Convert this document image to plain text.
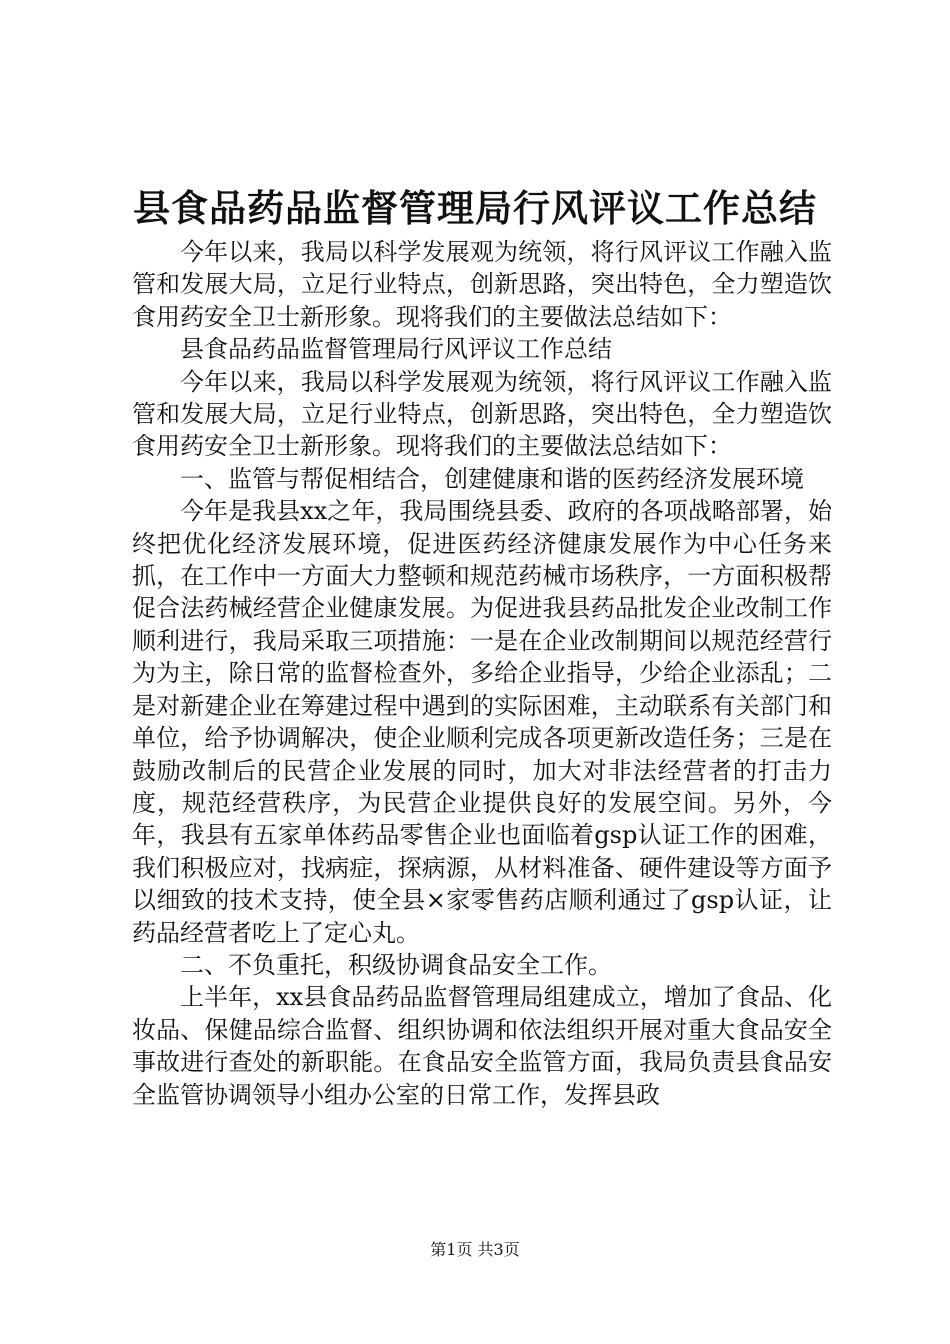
县食品药品监督管理局行风评议工作总结

今年以来，我局以科学发展观为统领，将行风评议工作融入监管和发展大局，立足行业特点，创新思路，突出特色，全力塑造饮食用药安全卫士新形象。现将我们的主要做法总结如下：

县食品药品监督管理局行风评议工作总结

今年以来，我局以科学发展观为统领，将行风评议工作融入监管和发展大局，立足行业特点，创新思路，突出特色，全力塑造饮食用药安全卫士新形象。现将我们的主要做法总结如下：

一、监管与帮促相结合，创建健康和谐的医药经济发展环境

今年是我县xx之年，我局围绕县委、政府的各项战略部署，始终把优化经济发展环境，促进医药经济健康发展作为中心任务来抓，在工作中一方面大力整顿和规范药械市场秩序，一方面积极帮促合法药械经营企业健康发展。为促进我县药品批发企业改制工作顺利进行，我局采取三项措施：一是在企业改制期间以规范经营行为为主，除日常的监督检查外，多给企业指导，少给企业添乱；二是对新建企业在筹建过程中遇到的实际困难，主动联系有关部门和单位，给予协调解决，使企业顺利完成各项更新改造任务；三是在鼓励改制后的民营企业发展的同时，加大对非法经营者的打击力度，规范经营秩序，为民营企业提供良好的发展空间。另外，今年，我县有五家单体药品零售企业也面临着gsp认证工作的困难，我们积极应对，找病症，探病源，从材料准备、硬件建设等方面予以细致的技术支持，使全县×家零售药店顺利通过了gsp认证，让药品经营者吃上了定心丸。

二、不负重托，积级协调食品安全工作。

上半年，xx县食品药品监督管理局组建成立，增加了食品、化妆品、保健品综合监督、组织协调和依法组织开展对重大食品安全事故进行查处的新职能。在食品安全监管方面，我局负责县食品安全监管协调领导小组办公室的日常工作，发挥县政

第1页 共3页
